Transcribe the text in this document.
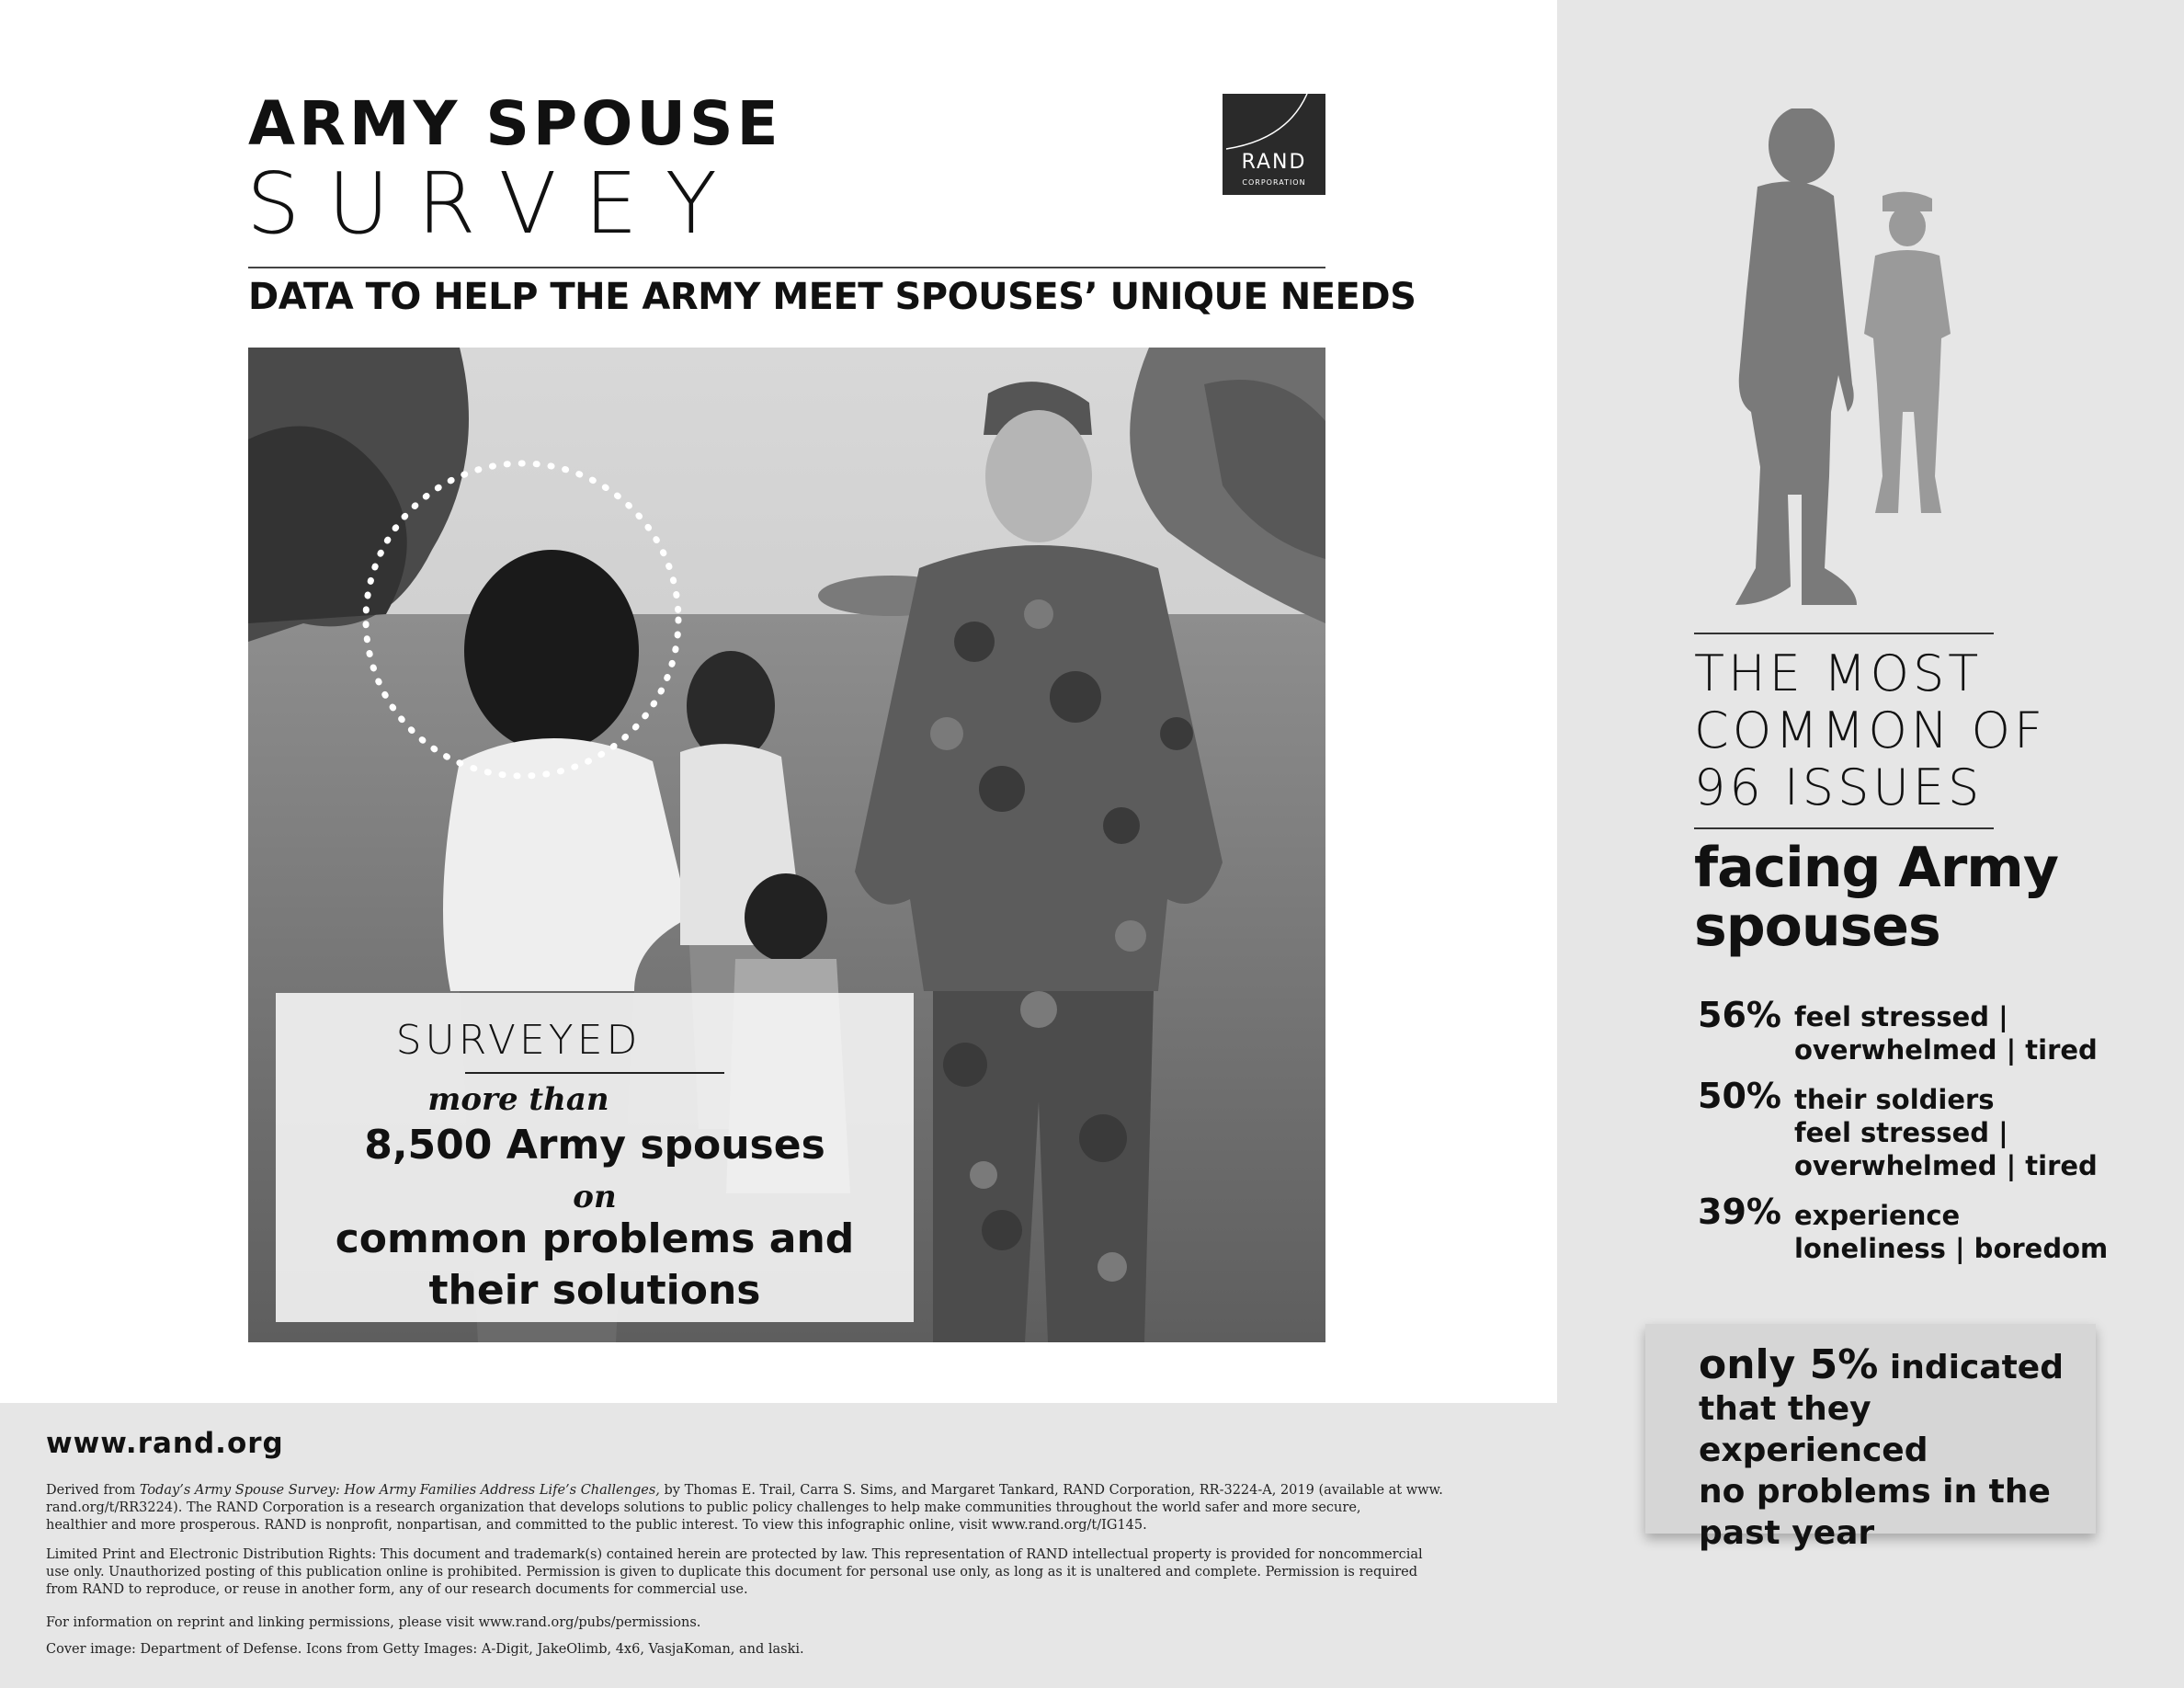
ARMY SPOUSE
SURVEY	RAND
CORPORATION
DATA TO HELP THE ARMY MEET SPOUSES’ UNIQUE NEEDS
SURVEYED
more than
8,500 Army spouses
on
common problems and
their solutions
THE MOST
COMMON OF
96 ISSUES
facing Army
spouses
56% feel stressed |
overwhelmed | tired
50% their soldiers
feel stressed |
overwhelmed | tired
39% experience
loneliness | boredom
only 5% indicated
that they experienced
no problems in the
past year
www.rand.org
Derived from Today’s Army Spouse Survey: How Army Families Address Life’s Challenges, by Thomas E. Trail, Carra S. Sims, and Margaret Tankard, RAND Corporation, RR-3224-A, 2019 (available at www.
rand.org/t/RR3224). The RAND Corporation is a research organization that develops solutions to public policy challenges to help make communities throughout the world safer and more secure,
healthier and more prosperous. RAND is nonprofit, nonpartisan, and committed to the public interest. To view this infographic online, visit www.rand.org/t/IG145.
Limited Print and Electronic Distribution Rights: This document and trademark(s) contained herein are protected by law. This representation of RAND intellectual property is provided for noncommercial
use only. Unauthorized posting of this publication online is prohibited. Permission is given to duplicate this document for personal use only, as long as it is unaltered and complete. Permission is required
from RAND to reproduce, or reuse in another form, any of our research documents for commercial use.
For information on reprint and linking permissions, please visit www.rand.org/pubs/permissions.
Cover image: Department of Defense. Icons from Getty Images: A-Digit, JakeOlimb, 4x6, VasjaKoman, and laski.
